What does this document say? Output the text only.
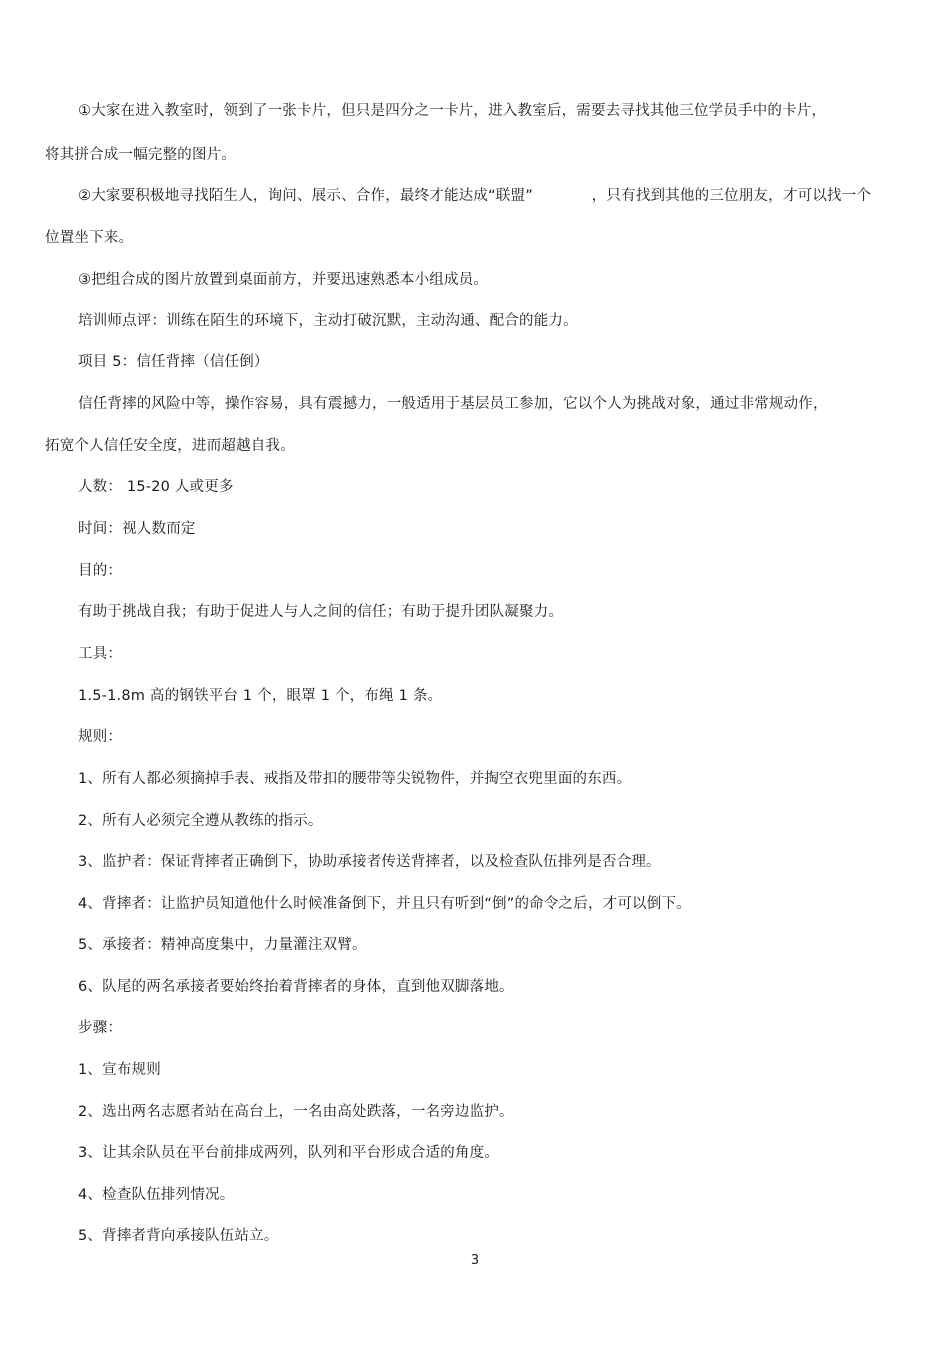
①大家在进入教室时，领到了一张卡片，但只是四分之一卡片，进入教室后，需要去寻找其他三位学员手中的卡片，
将其拼合成一幅完整的图片。
②大家要积极地寻找陌生人，询问、展示、合作，最终才能达成“联盟”　　　　，只有找到其他的三位朋友，才可以找一个
位置坐下来。
③把组合成的图片放置到桌面前方，并要迅速熟悉本小组成员。
培训师点评：训练在陌生的环境下，主动打破沉默，主动沟通、配合的能力。
项目 5：信任背摔（信任倒）
信任背摔的风险中等，操作容易，具有震撼力，一般适用于基层员工参加，它以个人为挑战对象，通过非常规动作，
拓宽个人信任安全度，进而超越自我。
人数： 15-20 人或更多
时间：视人数而定
目的：
有助于挑战自我；有助于促进人与人之间的信任；有助于提升团队凝聚力。
工具：
1.5-1.8m 高的钢铁平台 1 个，眼罩 1 个，布绳 1 条。
规则：
1、所有人都必须摘掉手表、戒指及带扣的腰带等尖锐物件，并掏空衣兜里面的东西。
2、所有人必须完全遵从教练的指示。
3、监护者：保证背摔者正确倒下，协助承接者传送背摔者，以及检查队伍排列是否合理。
4、背摔者：让监护员知道他什么时候准备倒下，并且只有听到“倒”的命令之后，才可以倒下。
5、承接者：精神高度集中，力量灌注双臂。
6、队尾的两名承接者要始终抬着背摔者的身体，直到他双脚落地。
步骤：
1、宣布规则
2、选出两名志愿者站在高台上，一名由高处跌落，一名旁边监护。
3、让其余队员在平台前排成两列，队列和平台形成合适的角度。
4、检查队伍排列情况。
5、背摔者背向承接队伍站立。
3
